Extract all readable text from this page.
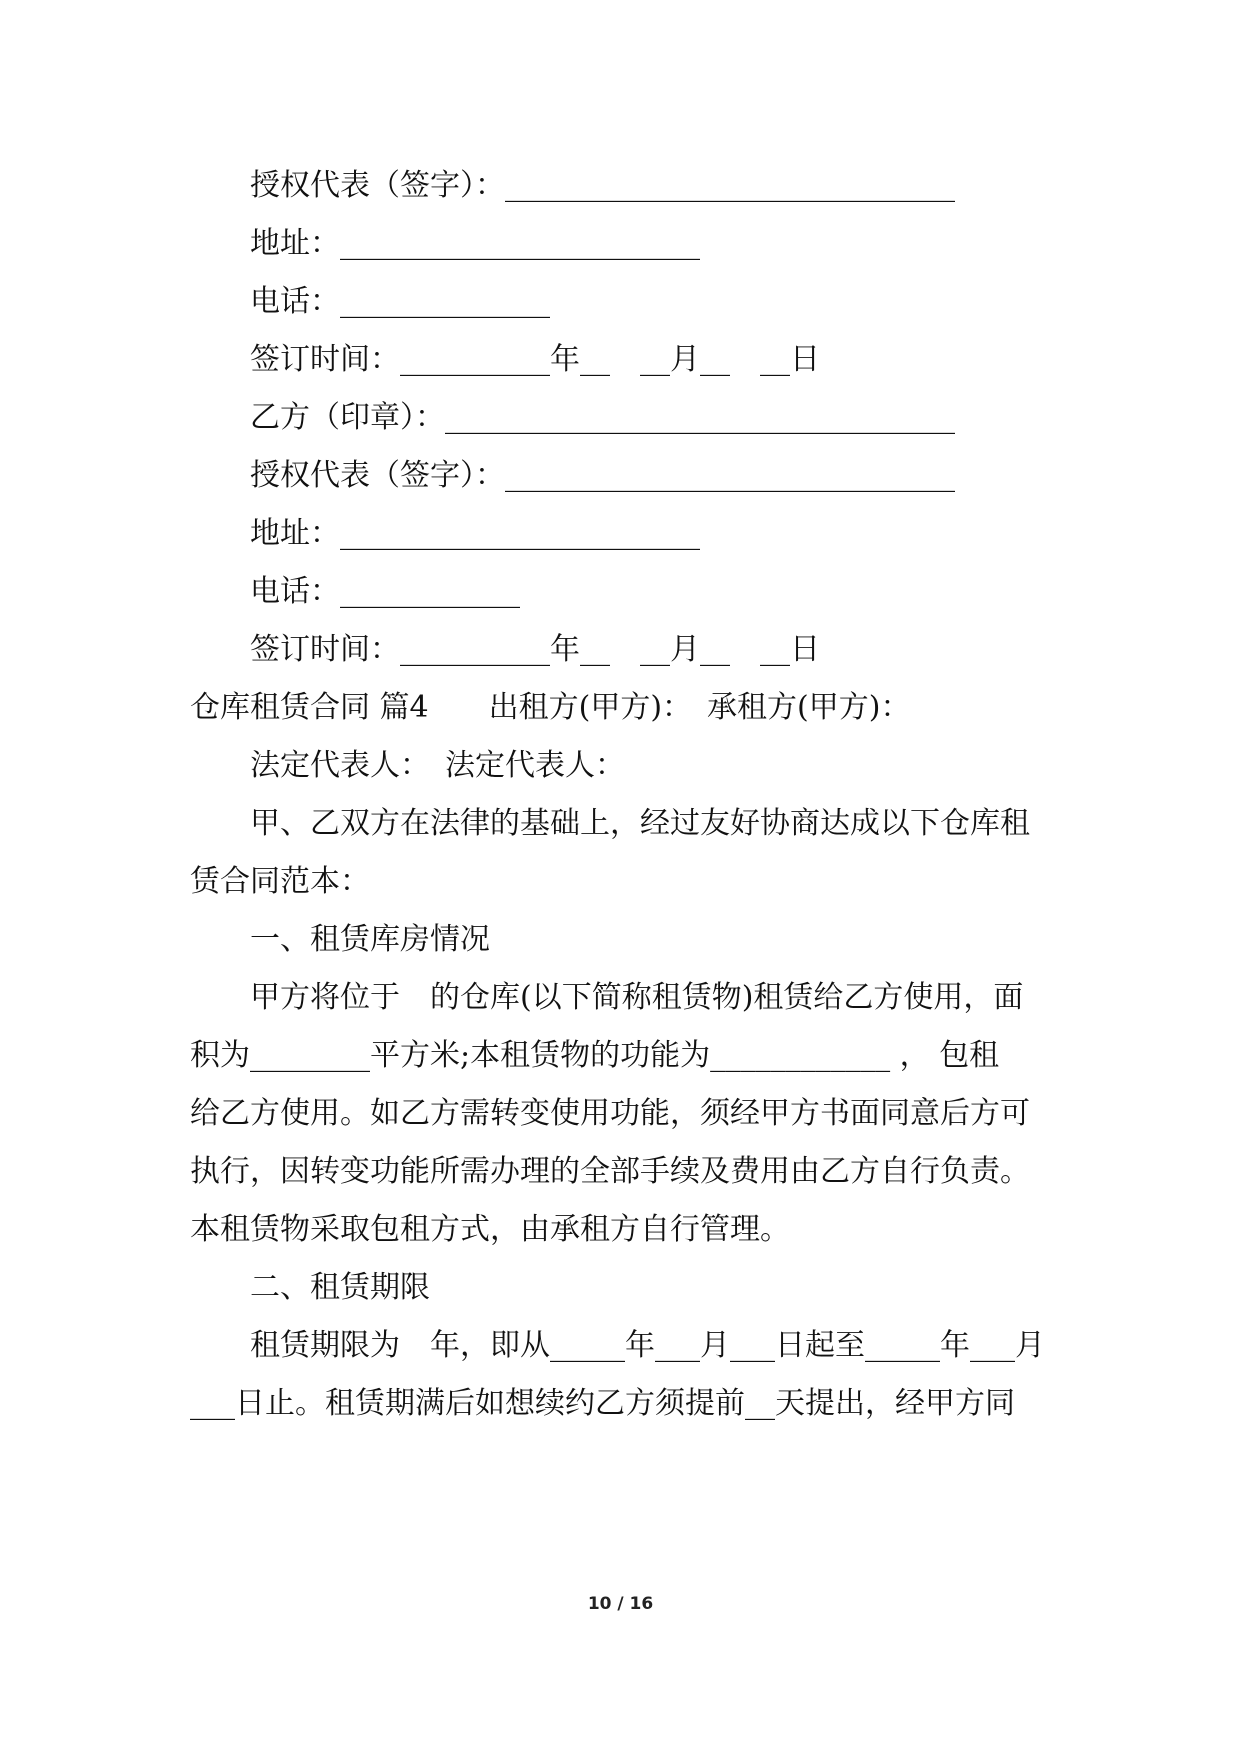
授权代表（签字）：______________________________
地址：________________________
电话：______________
签订时间：__________年__　__月__　__日
乙方（印章）：__________________________________
授权代表（签字）：______________________________
地址：________________________
电话：____________
签订时间：__________年__　__月__　__日
仓库租赁合同 篇4　　出租方(甲方)：　承租方(甲方)：
法定代表人：　法定代表人：
甲、乙双方在法律的基础上，经过友好协商达成以下仓库租
赁合同范本：
一、租赁库房情况
甲方将位于　的仓库(以下简称租赁物)租赁给乙方使用，面
积为________平方米;本租赁物的功能为____________ ， 包租
给乙方使用。如乙方需转变使用功能，须经甲方书面同意后方可
执行，因转变功能所需办理的全部手续及费用由乙方自行负责。
本租赁物采取包租方式，由承租方自行管理。
二、租赁期限
租赁期限为　年，即从_____年___月___日起至_____年___月
___日止。租赁期满后如想续约乙方须提前__天提出，经甲方同
10 / 16
